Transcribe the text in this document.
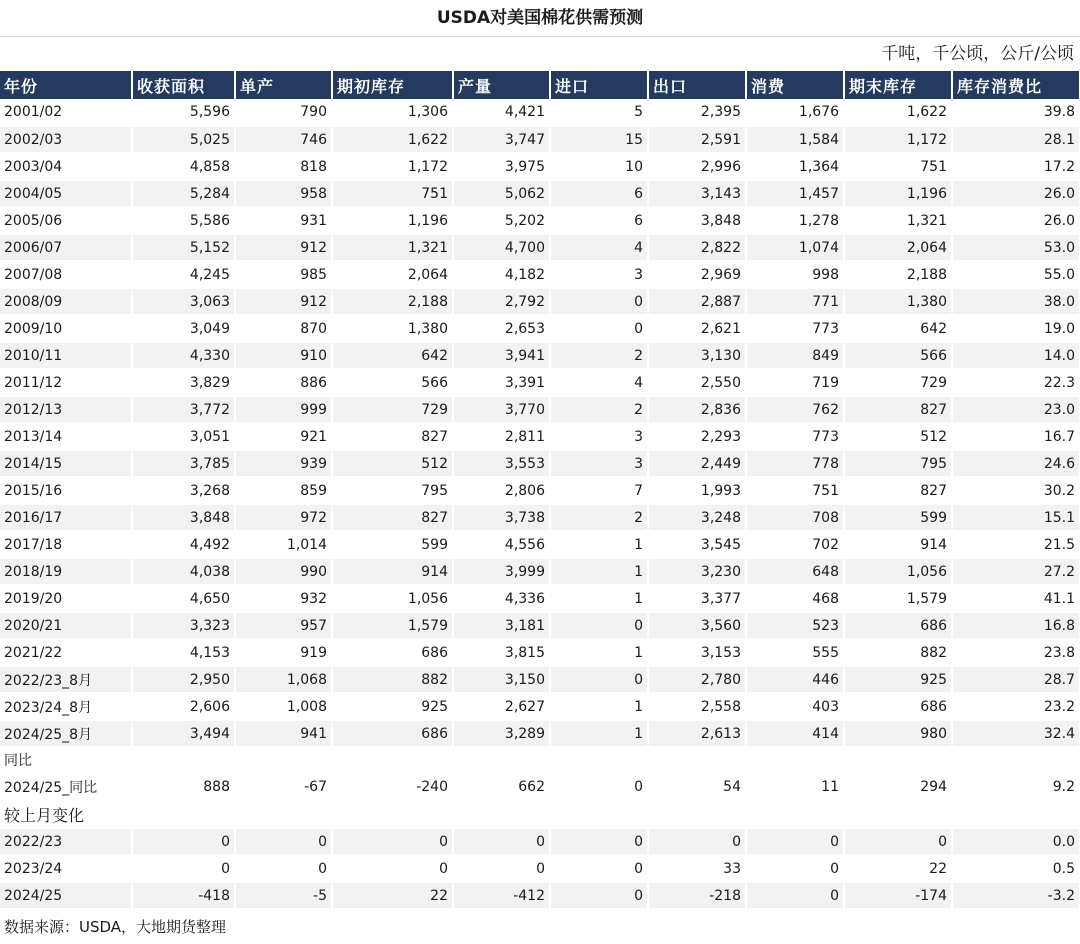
USDA对美国棉花供需预测
千吨，千公顷，公斤/公顷
年份	收获面积	单产	期初库存	产量	进口	出口	消费	期末库存	库存消费比
2001/02	5,596	790	1,306	4,421	5	2,395	1,676	1,622	39.8
2002/03	5,025	746	1,622	3,747	15	2,591	1,584	1,172	28.1
2003/04	4,858	818	1,172	3,975	10	2,996	1,364	751	17.2
2004/05	5,284	958	751	5,062	6	3,143	1,457	1,196	26.0
2005/06	5,586	931	1,196	5,202	6	3,848	1,278	1,321	26.0
2006/07	5,152	912	1,321	4,700	4	2,822	1,074	2,064	53.0
2007/08	4,245	985	2,064	4,182	3	2,969	998	2,188	55.0
2008/09	3,063	912	2,188	2,792	0	2,887	771	1,380	38.0
2009/10	3,049	870	1,380	2,653	0	2,621	773	642	19.0
2010/11	4,330	910	642	3,941	2	3,130	849	566	14.0
2011/12	3,829	886	566	3,391	4	2,550	719	729	22.3
2012/13	3,772	999	729	3,770	2	2,836	762	827	23.0
2013/14	3,051	921	827	2,811	3	2,293	773	512	16.7
2014/15	3,785	939	512	3,553	3	2,449	778	795	24.6
2015/16	3,268	859	795	2,806	7	1,993	751	827	30.2
2016/17	3,848	972	827	3,738	2	3,248	708	599	15.1
2017/18	4,492	1,014	599	4,556	1	3,545	702	914	21.5
2018/19	4,038	990	914	3,999	1	3,230	648	1,056	27.2
2019/20	4,650	932	1,056	4,336	1	3,377	468	1,579	41.1
2020/21	3,323	957	1,579	3,181	0	3,560	523	686	16.8
2021/22	4,153	919	686	3,815	1	3,153	555	882	23.8
2022/23_8月	2,950	1,068	882	3,150	0	2,780	446	925	28.7
2023/24_8月	2,606	1,008	925	2,627	1	2,558	403	686	23.2
2024/25_8月	3,494	941	686	3,289	1	2,613	414	980	32.4
同比									
2024/25_同比	888	-67	-240	662	0	54	11	294	9.2
较上月变化									
2022/23	0	0	0	0	0	0	0	0	0.0
2023/24	0	0	0	0	0	33	0	22	0.5
2024/25	-418	-5	22	-412	0	-218	0	-174	-3.2
数据来源：USDA，大地期货整理
